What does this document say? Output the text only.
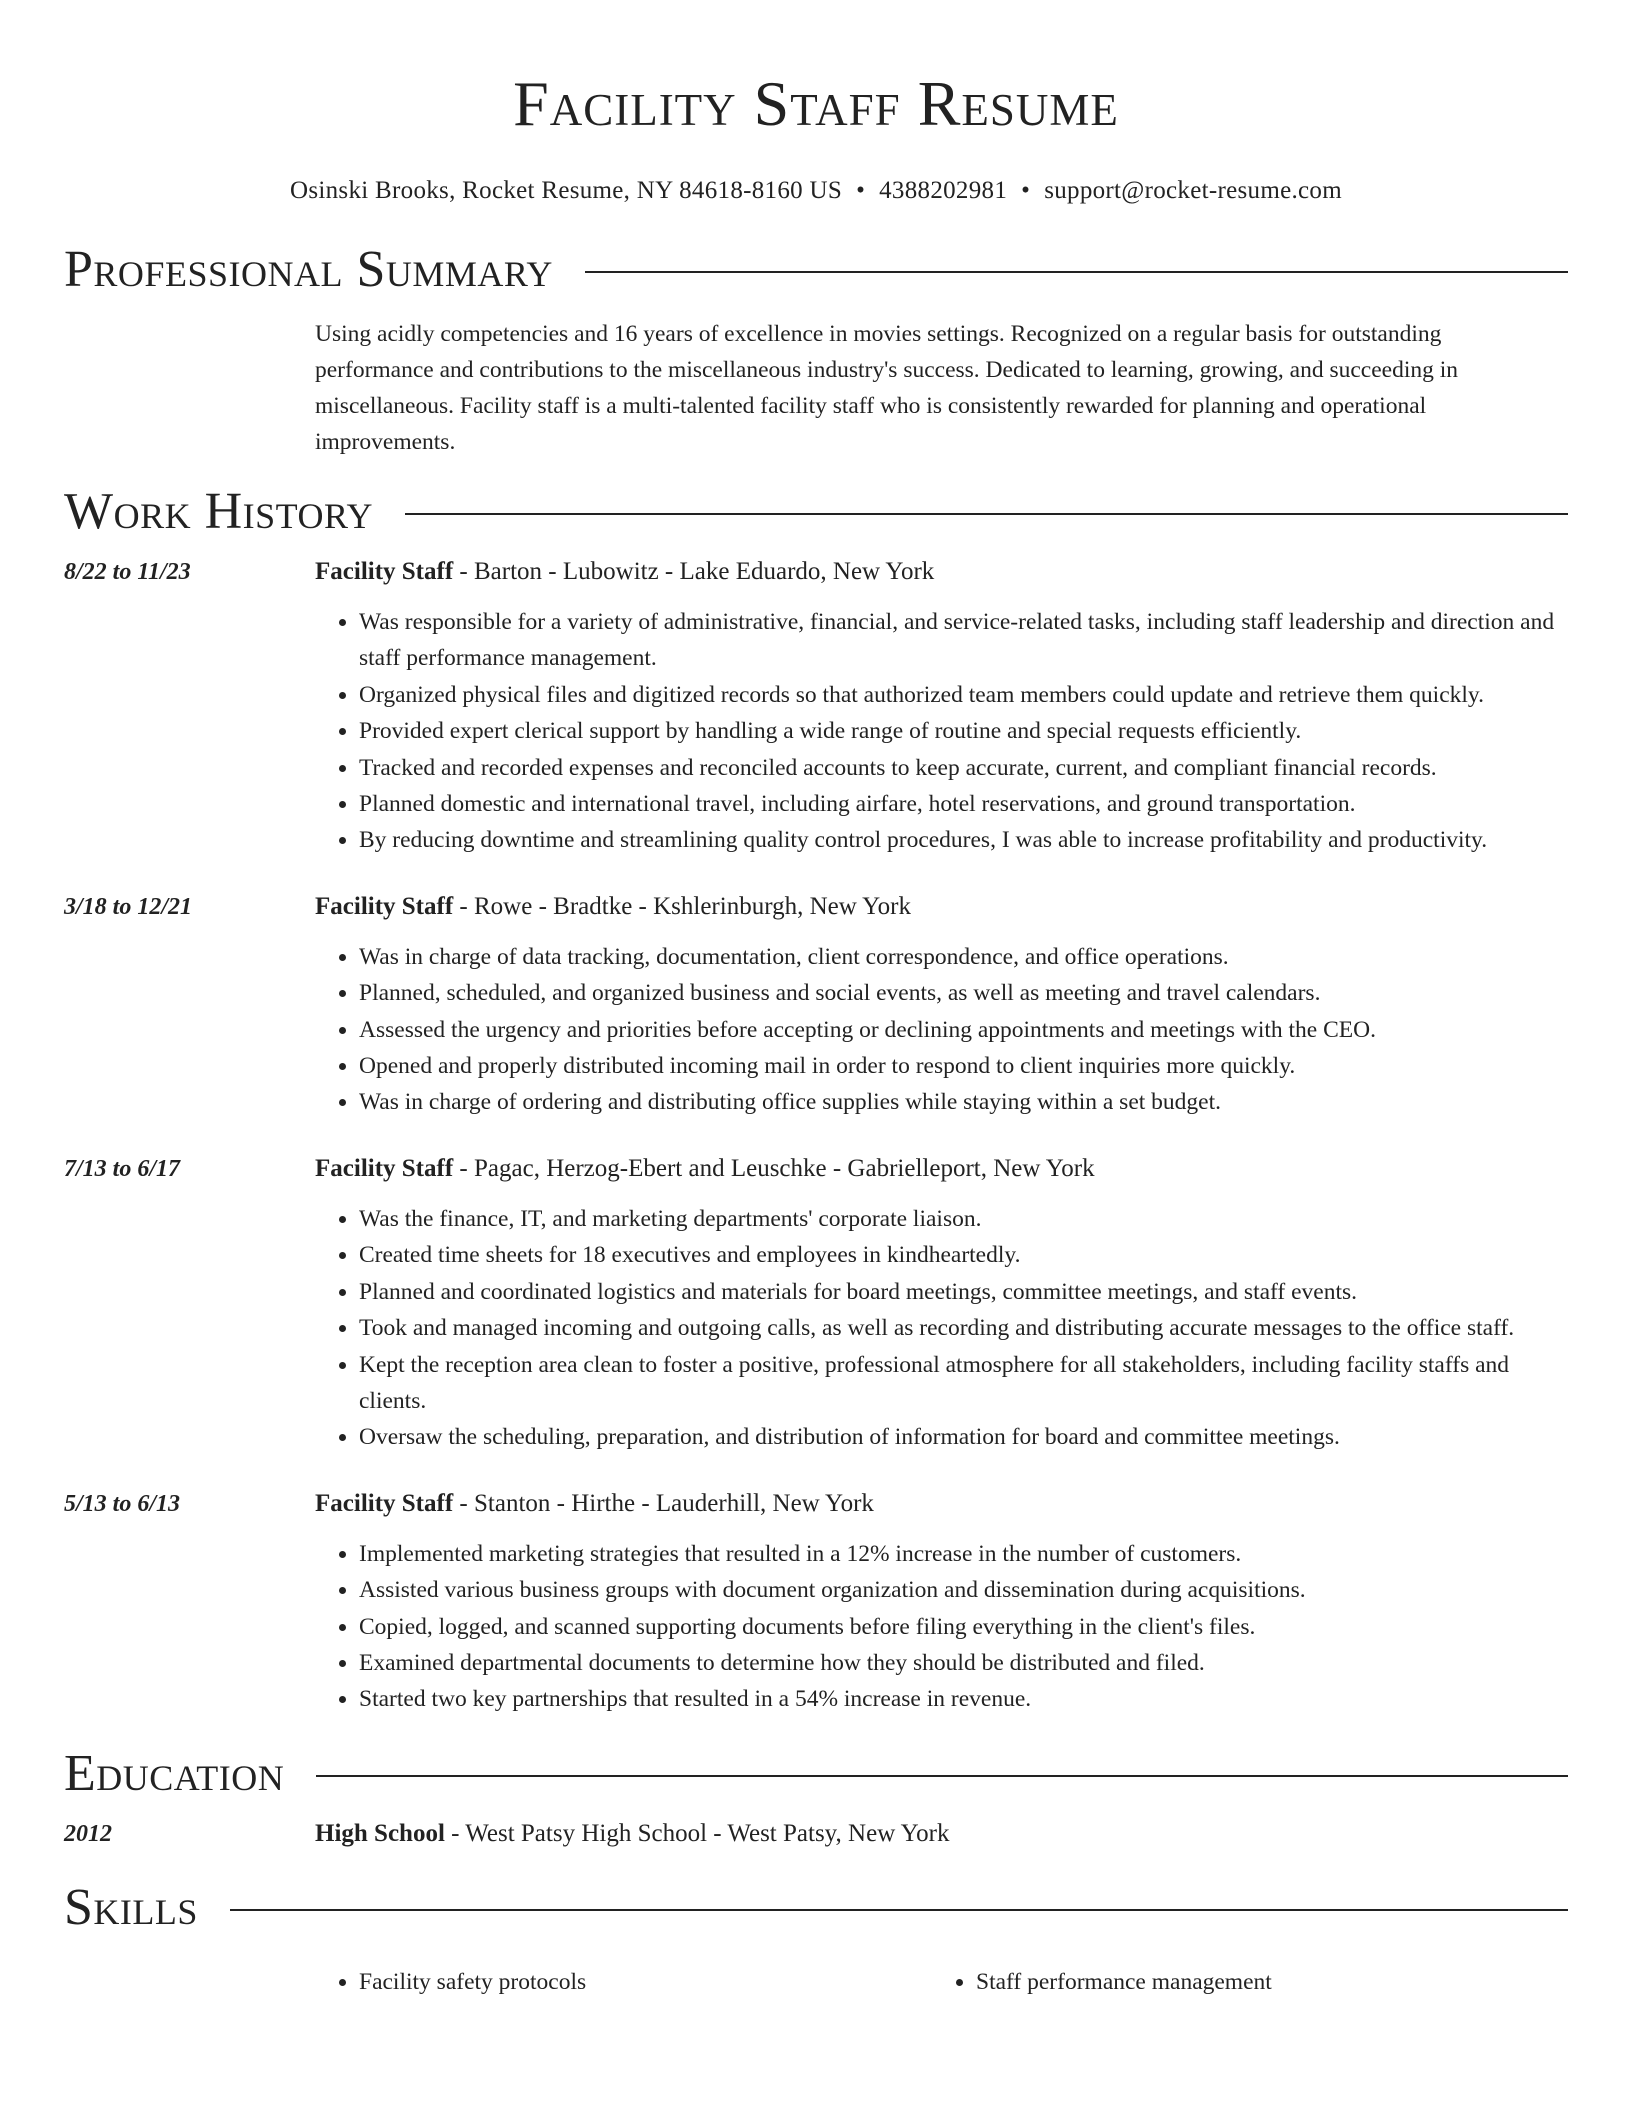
Facility Staff Resume
Osinski Brooks, Rocket Resume, NY 84618-8160 US • 4388202981 • support@rocket-resume.com
Professional Summary

Using acidly competencies and 16 years of excellence in movies settings. Recognized on a regular basis for outstanding performance and contributions to the miscellaneous industry's success. Dedicated to learning, growing, and succeeding in miscellaneous. Facility staff is a multi-talented facility staff who is consistently rewarded for planning and operational improvements.

Work History
8/22 to 11/23	Facility Staff - Barton - Lubowitz - Lake Eduardo, New York
• Was responsible for a variety of administrative, financial, and service-related tasks, including staff leadership and direction and staff performance management.
• Organized physical files and digitized records so that authorized team members could update and retrieve them quickly.
• Provided expert clerical support by handling a wide range of routine and special requests efficiently.
• Tracked and recorded expenses and reconciled accounts to keep accurate, current, and compliant financial records.
• Planned domestic and international travel, including airfare, hotel reservations, and ground transportation.
• By reducing downtime and streamlining quality control procedures, I was able to increase profitability and productivity.
3/18 to 12/21	Facility Staff - Rowe - Bradtke - Kshlerinburgh, New York
• Was in charge of data tracking, documentation, client correspondence, and office operations.
• Planned, scheduled, and organized business and social events, as well as meeting and travel calendars.
• Assessed the urgency and priorities before accepting or declining appointments and meetings with the CEO.
• Opened and properly distributed incoming mail in order to respond to client inquiries more quickly.
• Was in charge of ordering and distributing office supplies while staying within a set budget.
7/13 to 6/17	Facility Staff - Pagac, Herzog-Ebert and Leuschke - Gabrielleport, New York
• Was the finance, IT, and marketing departments' corporate liaison.
• Created time sheets for 18 executives and employees in kindheartedly.
• Planned and coordinated logistics and materials for board meetings, committee meetings, and staff events.
• Took and managed incoming and outgoing calls, as well as recording and distributing accurate messages to the office staff.
• Kept the reception area clean to foster a positive, professional atmosphere for all stakeholders, including facility staffs and clients.
• Oversaw the scheduling, preparation, and distribution of information for board and committee meetings.
5/13 to 6/13	Facility Staff - Stanton - Hirthe - Lauderhill, New York
• Implemented marketing strategies that resulted in a 12% increase in the number of customers.
• Assisted various business groups with document organization and dissemination during acquisitions.
• Copied, logged, and scanned supporting documents before filing everything in the client's files.
• Examined departmental documents to determine how they should be distributed and filed.
• Started two key partnerships that resulted in a 54% increase in revenue.
Education
2012	High School - West Patsy High School - West Patsy, New York
Skills
• Facility safety protocols
•	Staff performance management
